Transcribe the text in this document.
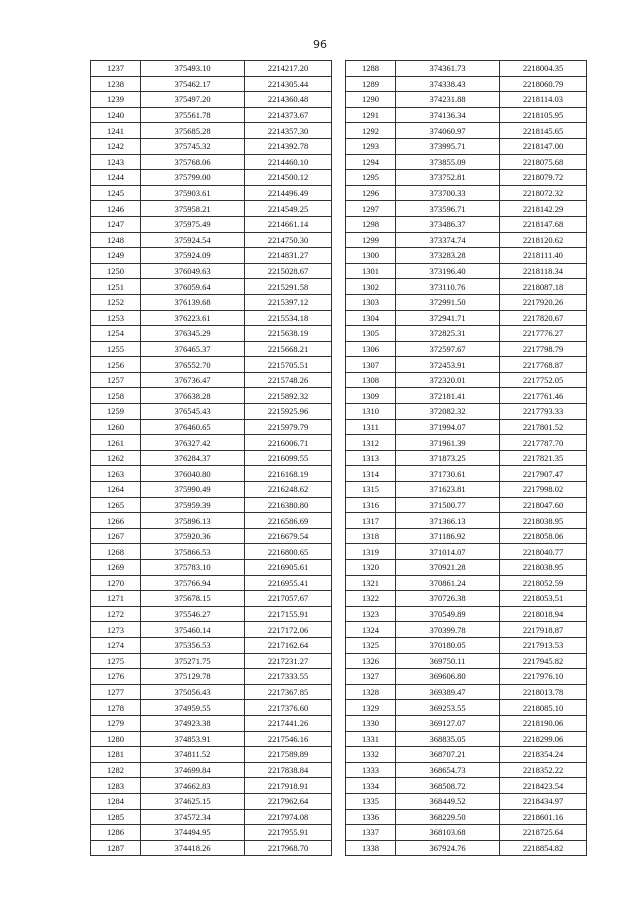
96
1237	375493.10	2214217.20
1238	375462.17	2214305.44
1239	375497.20	2214360.48
1240	375561.78	2214373.67
1241	375685.28	2214357.30
1242	375745.32	2214392.78
1243	375768.06	2214460.10
1244	375799.00	2214500.12
1245	375903.61	2214496.49
1246	375958.21	2214549.25
1247	375975.49	2214661.14
1248	375924.54	2214750.30
1249	375924.09	2214831.27
1250	376049.63	2215028.67
1251	376059.64	2215291.58
1252	376139.68	2215397.12
1253	376223.61	2215534.18
1254	376345.29	2215638.19
1255	376465.37	2215668.21
1256	376552.70	2215705.51
1257	376736.47	2215748.26
1258	376638.28	2215892.32
1259	376545.43	2215925.96
1260	376460.65	2215979.79
1261	376327.42	2216006.71
1262	376284.37	2216099.55
1263	376040.80	2216168.19
1264	375990.49	2216248.62
1265	375959.39	2216380.80
1266	375896.13	2216586.69
1267	375920.36	2216679.54
1268	375866.53	2216800.65
1269	375783.10	2216905.61
1270	375766.94	2216955.41
1271	375678.15	2217057.67
1272	375546.27	2217155.91
1273	375460.14	2217172.06
1274	375356.53	2217162.64
1275	375271.75	2217231.27
1276	375129.78	2217333.55
1277	375056.43	2217367.85
1278	374959.55	2217376.60
1279	374923.38	2217441.26
1280	374853.91	2217546.16
1281	374811.52	2217589.89
1282	374699.84	2217838.84
1283	374662.83	2217918.91
1284	374625.15	2217962.64
1285	374572.34	2217974.08
1286	374494.95	2217955.91
1287	374418.26	2217968.70
1288	374361.73	2218004.35
1289	374338.43	2218060.79
1290	374231.88	2218114.03
1291	374136.34	2218105.95
1292	374060.97	2218145.65
1293	373995.71	2218147.00
1294	373855.09	2218075.68
1295	373752.81	2218079.72
1296	373700.33	2218072.32
1297	373596.71	2218142.29
1298	373486.37	2218147.68
1299	373374.74	2218120.62
1300	373283.28	2218111.40
1301	373196.40	2218118.34
1302	373110.76	2218087.18
1303	372991.50	2217920.26
1304	372941.71	2217820.67
1305	372825.31	2217776.27
1306	372597.67	2217798.79
1307	372453.91	2217768.87
1308	372320.01	2217752.05
1309	372181.41	2217761.46
1310	372082.32	2217793.33
1311	371994.07	2217801.52
1312	371961.39	2217787.70
1313	371873.25	2217821.35
1314	371730.61	2217907.47
1315	371623.81	2217998.02
1316	371500.77	2218047.60
1317	371366.13	2218038.95
1318	371186.92	2218058.06
1319	371014.07	2218040.77
1320	370921.28	2218038.95
1321	370861.24	2218052.59
1322	370726.38	2218053.51
1323	370549.89	2218018.94
1324	370399.78	2217918.87
1325	370180.05	2217913.53
1326	369750.11	2217945.82
1327	369606.80	2217976.10
1328	369389.47	2218013.78
1329	369253.55	2218085.10
1330	369127.07	2218190.06
1331	368835.05	2218299.06
1332	368707.21	2218354.24
1333	368654.73	2218352.22
1334	368508.72	2218423.54
1335	368449.52	2218434.97
1336	368229.50	2218601.16
1337	368103.68	2218725.64
1338	367924.76	2218854.82
